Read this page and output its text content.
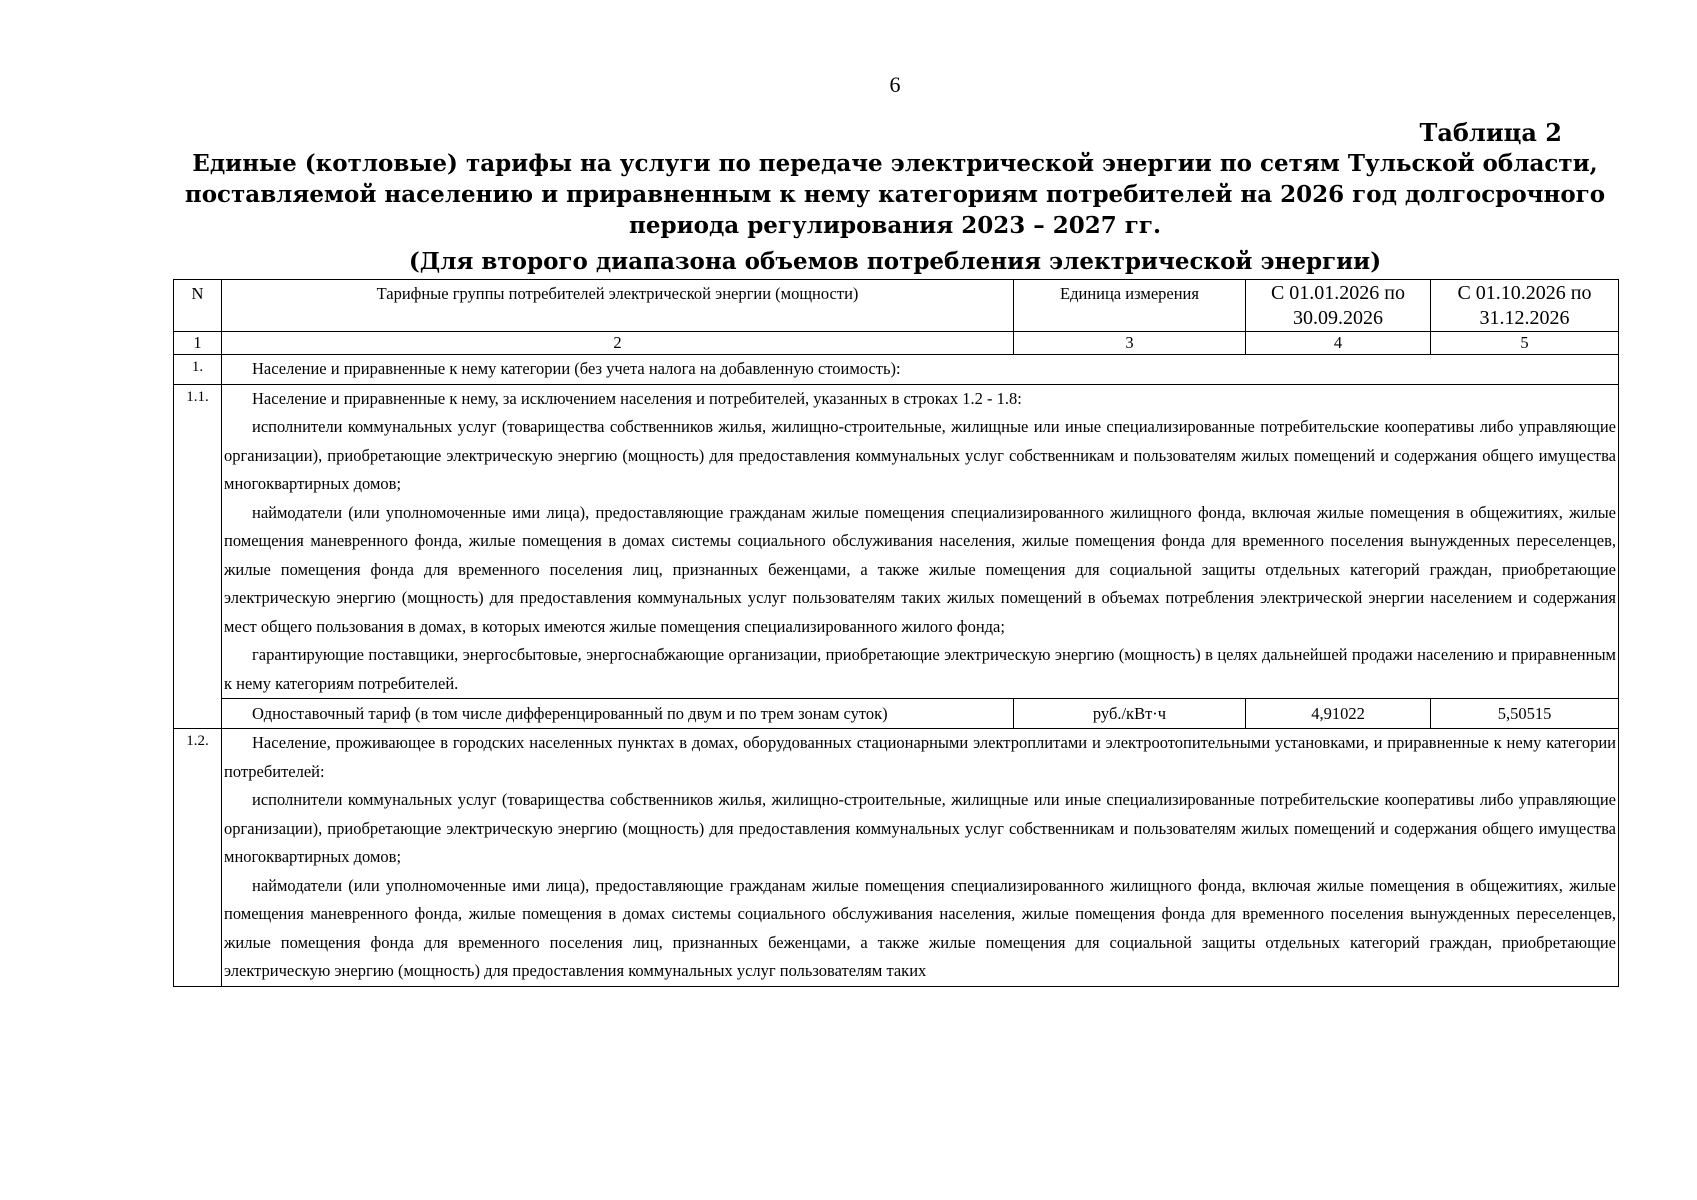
6
Таблица 2
Единые (котловые) тарифы на услуги по передаче электрической энергии по сетям Тульской области, поставляемой населению и приравненным к нему категориям потребителей на 2026 год долгосрочного периода регулирования 2023 – 2027 гг.
(Для второго диапазона объемов потребления электрической энергии)
N	Тарифные группы потребителей электрической энергии (мощности)	Единица измерения	С 01.01.2026 по 30.09.2026	С 01.10.2026 по 31.12.2026
1	2	3	4	5
1.	Население и приравненные к нему категории (без учета налога на добавленную стоимость):			

1.1.	Население и приравненные к нему, за исключением населения и потребителей, указанных в строках 1.2 - 1.8:

исполнители коммунальных услуг (товарищества собственников жилья, жилищно-строительные, жилищные или иные специализированные потребительские кооперативы либо управляющие организации), приобретающие электрическую энергию (мощность) для предоставления коммунальных услуг собственникам и пользователям жилых помещений и содержания общего имущества многоквартирных домов;

наймодатели (или уполномоченные ими лица), предоставляющие гражданам жилые помещения специализированного жилищного фонда, включая жилые помещения в общежитиях, жилые помещения маневренного фонда, жилые помещения в домах системы социального обслуживания населения, жилые помещения фонда для временного поселения вынужденных переселенцев, жилые помещения фонда для временного поселения лиц, признанных беженцами, а также жилые помещения для социальной защиты отдельных категорий граждан, приобретающие электрическую энергию (мощность) для предоставления коммунальных услуг пользователям таких жилых помещений в объемах потребления электрической энергии населением и содержания мест общего пользования в домах, в которых имеются жилые помещения специализированного жилого фонда;

гарантирующие поставщики, энергосбытовые, энергоснабжающие организации, приобретающие электрическую энергию (мощность) в целях дальнейшей продажи населению и приравненным к нему категориям потребителей.			

	Одноставочный тариф (в том числе дифференцированный по двум и по трем зонам суток)	руб./кВт·ч	4,91022	5,50515
1.2.	Население, проживающее в городских населенных пунктах в домах, оборудованных стационарными электроплитами и электроотопительными установками, и приравненные к нему категории потребителей:

исполнители коммунальных услуг (товарищества собственников жилья, жилищно-строительные, жилищные или иные специализированные потребительские кооперативы либо управляющие организации), приобретающие электрическую энергию (мощность) для предоставления коммунальных услуг собственникам и пользователям жилых помещений и содержания общего имущества многоквартирных домов;

наймодатели (или уполномоченные ими лица), предоставляющие гражданам жилые помещения специализированного жилищного фонда, включая жилые помещения в общежитиях, жилые помещения маневренного фонда, жилые помещения в домах системы социального обслуживания населения, жилые помещения фонда для временного поселения вынужденных переселенцев, жилые помещения фонда для временного поселения лиц, признанных беженцами, а также жилые помещения для социальной защиты отдельных категорий граждан, приобретающие электрическую энергию (мощность) для предоставления коммунальных услуг пользователям таких			
